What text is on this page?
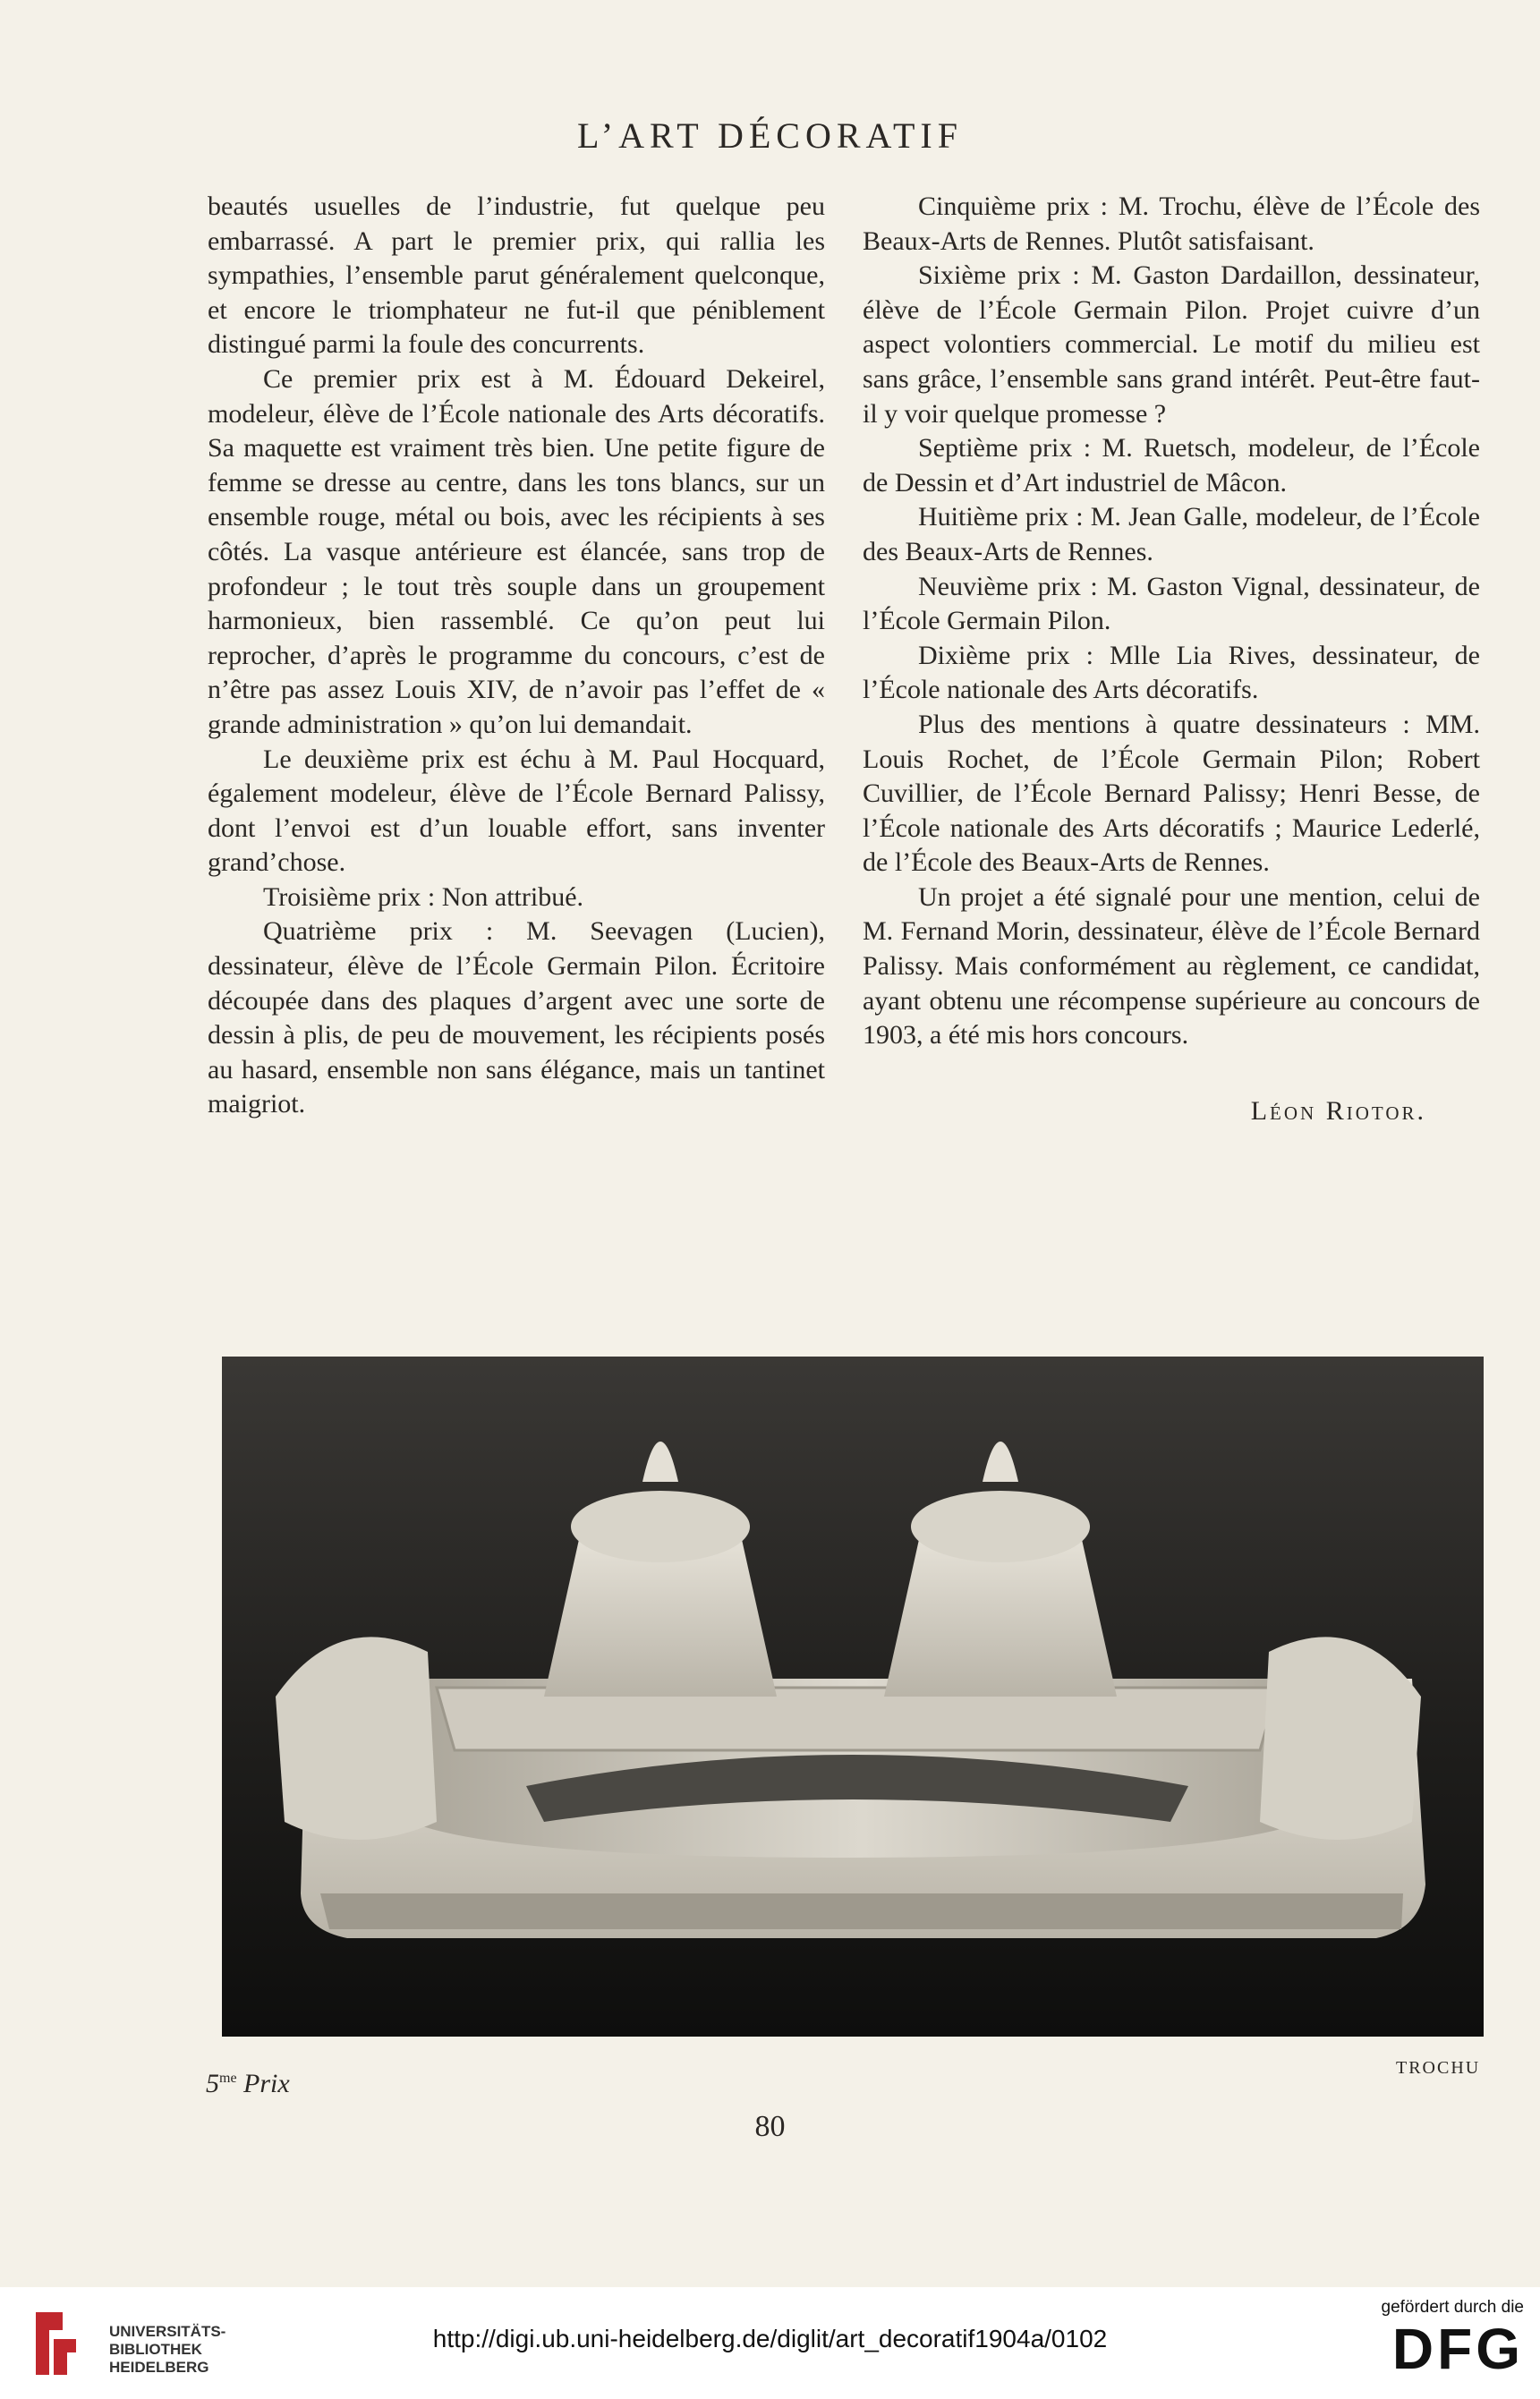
L’ART DÉCORATIF

beautés usuelles de l’industrie, fut quelque peu embarrassé. A part le premier prix, qui rallia les sympathies, l’ensemble parut généralement quelconque, et encore le triomphateur ne fut-il que péniblement distingué parmi la foule des concurrents.

Ce premier prix est à M. Édouard Dekeirel, modeleur, élève de l’École nationale des Arts décoratifs. Sa maquette est vraiment très bien. Une petite figure de femme se dresse au centre, dans les tons blancs, sur un ensemble rouge, métal ou bois, avec les récipients à ses côtés. La vasque antérieure est élancée, sans trop de profondeur ; le tout très souple dans un groupement harmonieux, bien rassemblé. Ce qu’on peut lui reprocher, d’après le programme du concours, c’est de n’être pas assez Louis XIV, de n’avoir pas l’effet de « grande administration » qu’on lui demandait.

Le deuxième prix est échu à M. Paul Hocquard, également modeleur, élève de l’École Bernard Palissy, dont l’envoi est d’un louable effort, sans inventer grand’chose.

Troisième prix : Non attribué.

Quatrième prix : M. Seevagen (Lucien), dessinateur, élève de l’École Germain Pilon. Écritoire découpée dans des plaques d’argent avec une sorte de dessin à plis, de peu de mouvement, les récipients posés au hasard, ensemble non sans élégance, mais un tantinet maigriot.

Cinquième prix : M. Trochu, élève de l’École des Beaux-Arts de Rennes. Plutôt satisfaisant.

Sixième prix : M. Gaston Dardaillon, dessinateur, élève de l’École Germain Pilon. Projet cuivre d’un aspect volontiers commercial. Le motif du milieu est sans grâce, l’ensemble sans grand intérêt. Peut-être faut-il y voir quelque promesse ?

Septième prix : M. Ruetsch, modeleur, de l’École de Dessin et d’Art industriel de Mâcon.

Huitième prix : M. Jean Galle, modeleur, de l’École des Beaux-Arts de Rennes.

Neuvième prix : M. Gaston Vignal, dessinateur, de l’École Germain Pilon.

Dixième prix : Mlle Lia Rives, dessinateur, de l’École nationale des Arts décoratifs.

Plus des mentions à quatre dessinateurs : MM. Louis Rochet, de l’École Germain Pilon; Robert Cuvillier, de l’École Bernard Palissy; Henri Besse, de l’École nationale des Arts décoratifs ; Maurice Lederlé, de l’École des Beaux-Arts de Rennes.

Un projet a été signalé pour une mention, celui de M. Fernand Morin, dessinateur, élève de l’École Bernard Palissy. Mais conformément au règlement, ce candidat, ayant obtenu une récompense supérieure au concours de 1903, a été mis hors concours.

Léon Riotor.
$5^{me}$ Prix
TROCHU
80
UNIVERSITÄTS-
BIBLIOTHEK
HEIDELBERG
http://digi.ub.uni-heidelberg.de/diglit/art_decoratif1904a/0102
gefördert durch die
DFG
